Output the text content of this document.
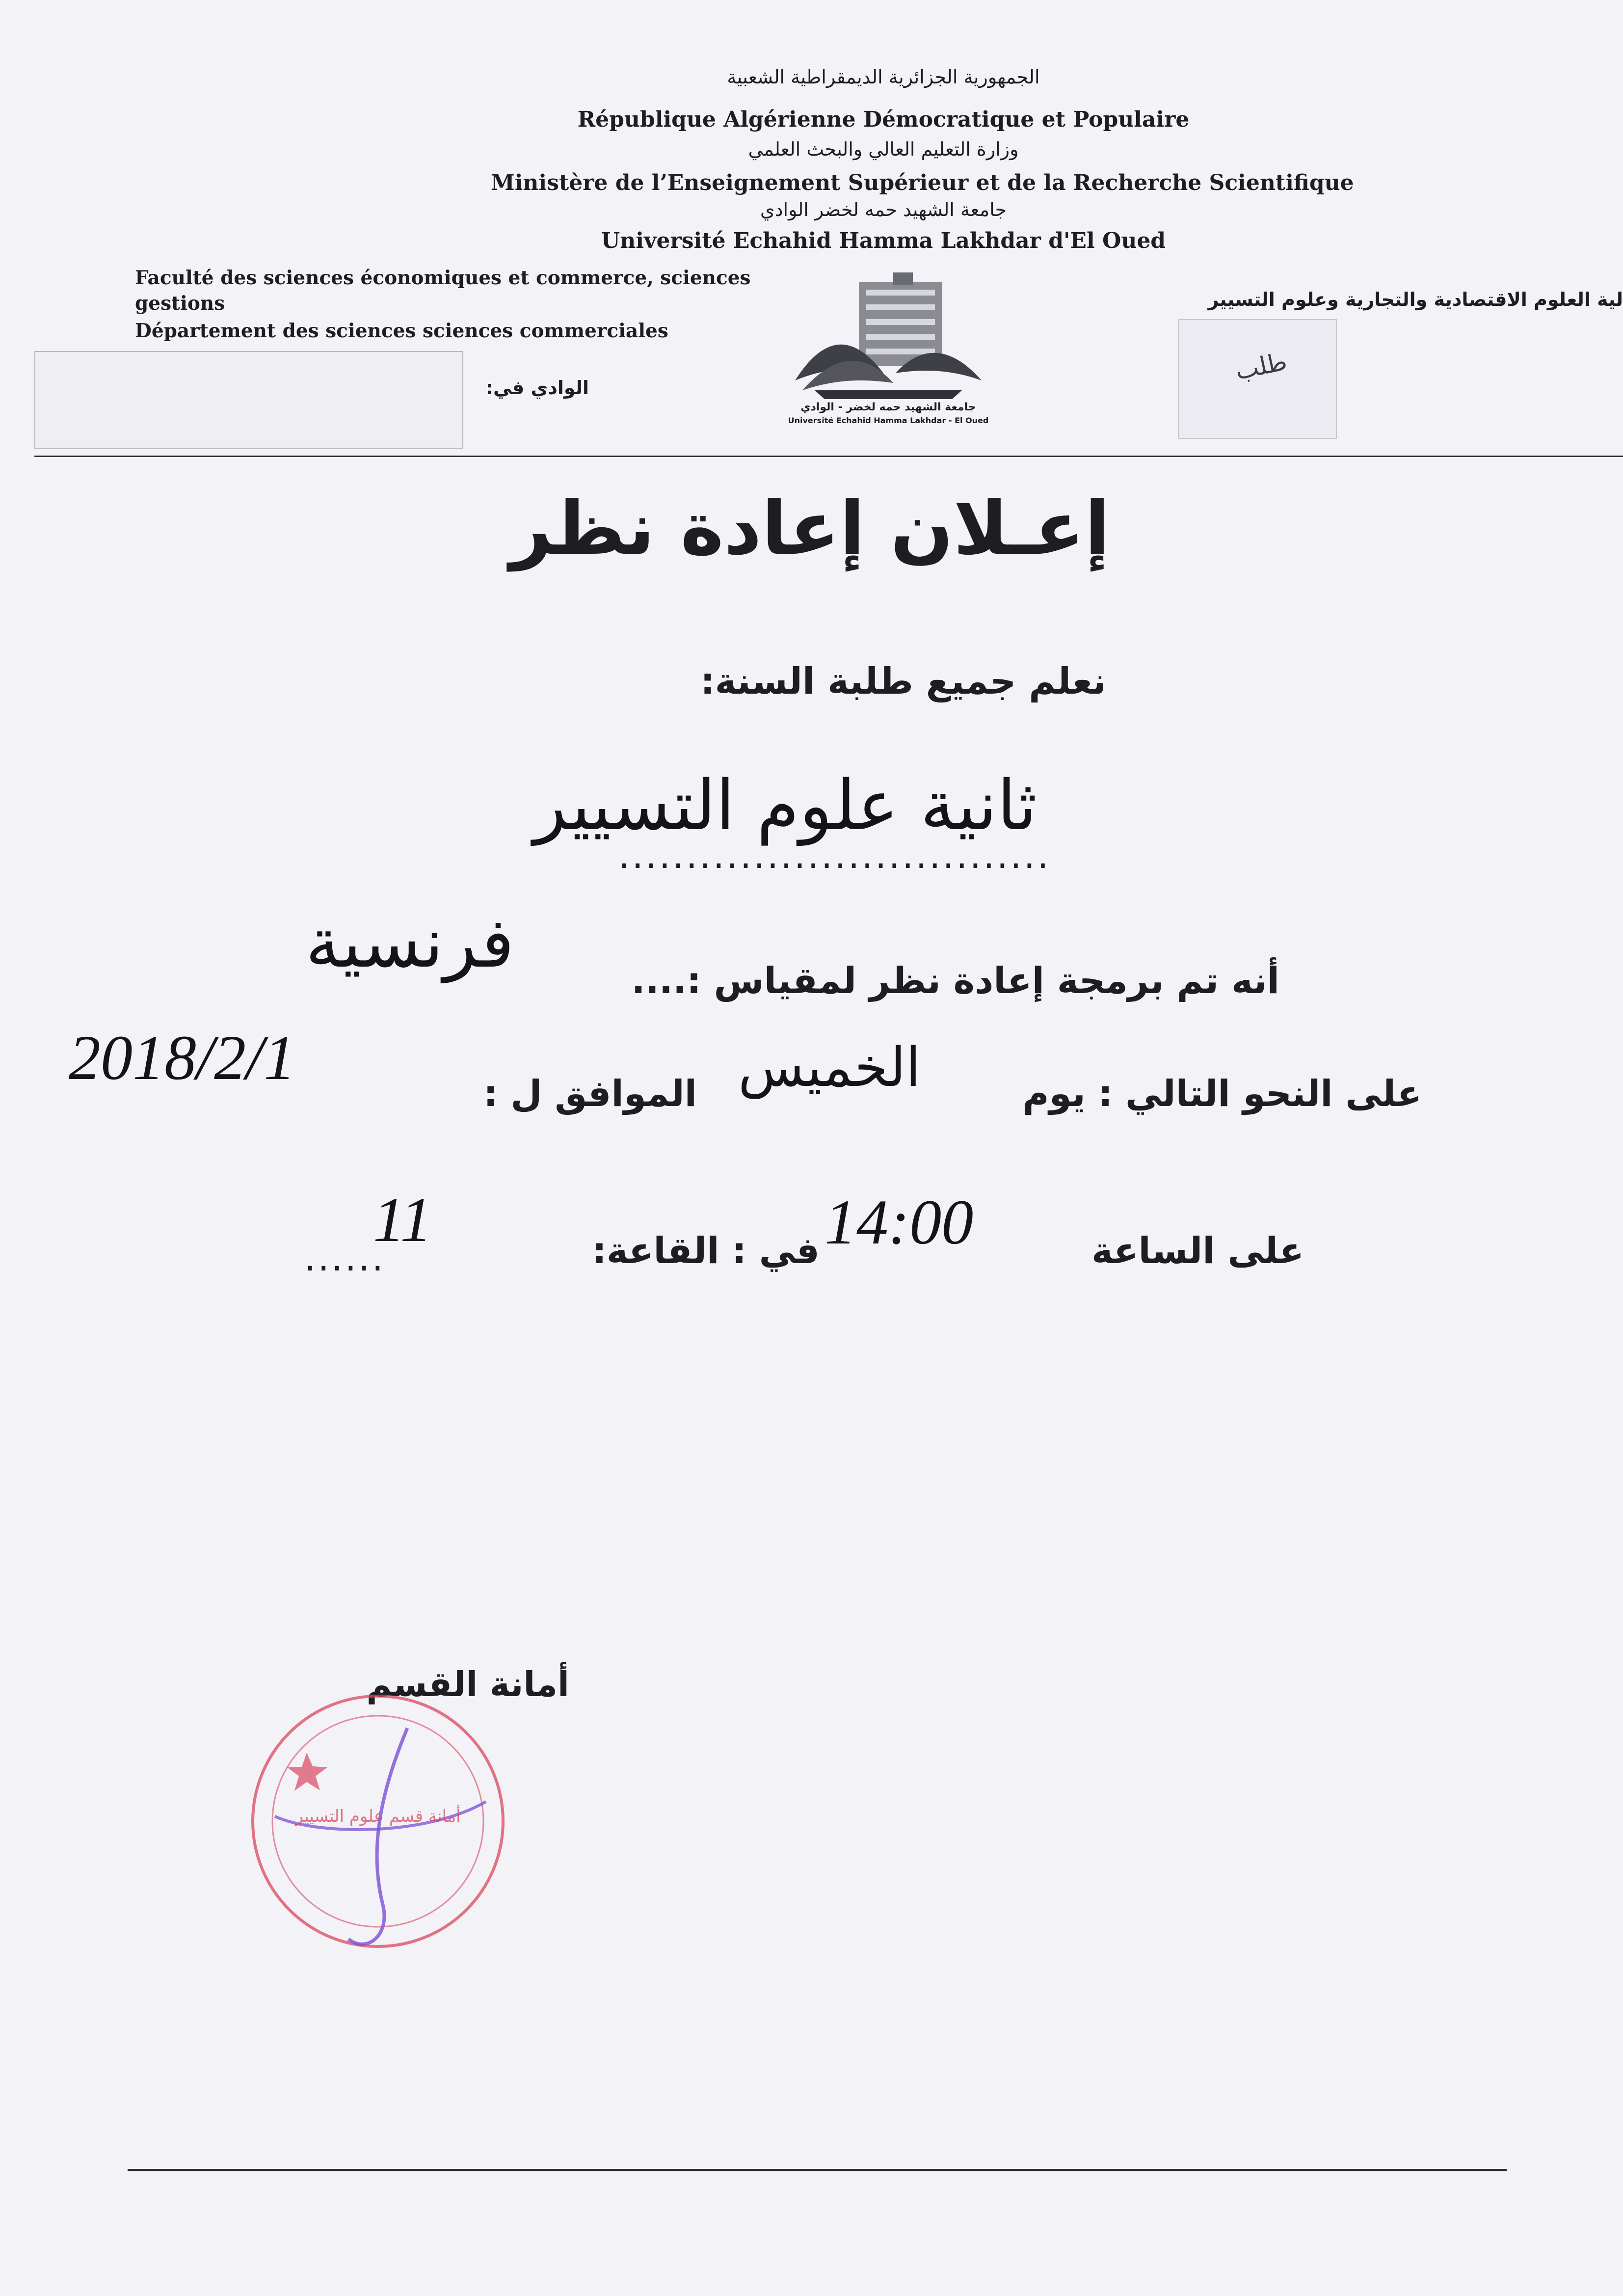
الجمهورية الجزائرية الديمقراطية الشعبية
République Algérienne Démocratique et Populaire
وزارة التعليم العالي والبحث العلمي
Ministère de l’Enseignement Supérieur et de la Recherche Scientifique
جامعة الشهيد حمه لخضر الوادي
Université Echahid Hamma Lakhdar d'El Oued
Faculté des sciences économiques et commerce, sciences
gestions
Département des sciences sciences commerciales
لية العلوم الاقتصادية والتجارية وعلوم التسيير
الوادي في:
جامعة الشهيد حمه لخضر - الوادي
Université Echahid Hamma Lakhdar - El Oued
طلب
إعـلان إعادة نظر
نعلم جميع طلبة السنة:
ثانية علوم التسيير
................................
أنه تم برمجة إعادة نظر لمقياس :....
فرنسية
على النحو التالي : يوم
الخميس
الموافق ل :
2018/2/1
على الساعة
14:00
في : القاعة:
11
......
أمانة القسم
أمانة قسم علوم التسيير
